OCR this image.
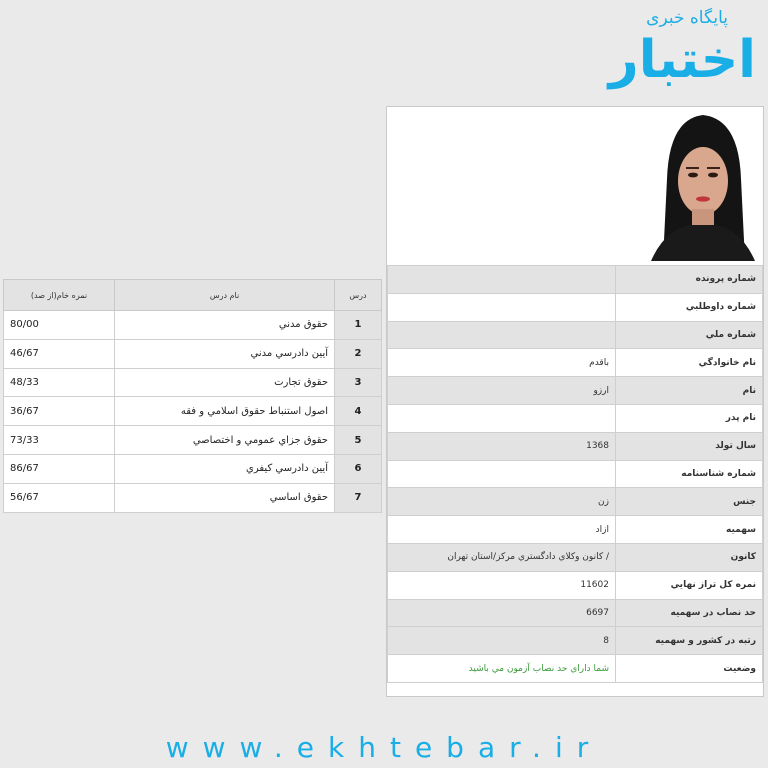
پایگاه خبری
اختبار
شماره پرونده	
شماره داوطلبي	
شماره ملي	
نام خانوادگي	باقدم
نام	ارزو
نام پدر	
سال تولد	1368
شماره شناسنامه	
جنس	زن
سهميه	ازاد
كانون	/ كانون وكلاي دادگستري مركز/استان تهران
نمره كل تراز نهايي	11602
حد نصاب در سهميه	6697
رتبه در كشور و سهميه	8
وضعيت	شما داراي حد نصاب آزمون مي باشيد
درس	نام درس	نمره خام(از صد)
1	حقوق مدني	80/00
2	آيين دادرسي مدني	46/67
3	حقوق تجارت	48/33
4	اصول استنباط حقوق اسلامي و فقه	36/67
5	حقوق جزاي عمومي و اختصاصي	73/33
6	آيين دادرسي كيفري	86/67
7	حقوق اساسي	56/67
www.ekhtebar.ir
